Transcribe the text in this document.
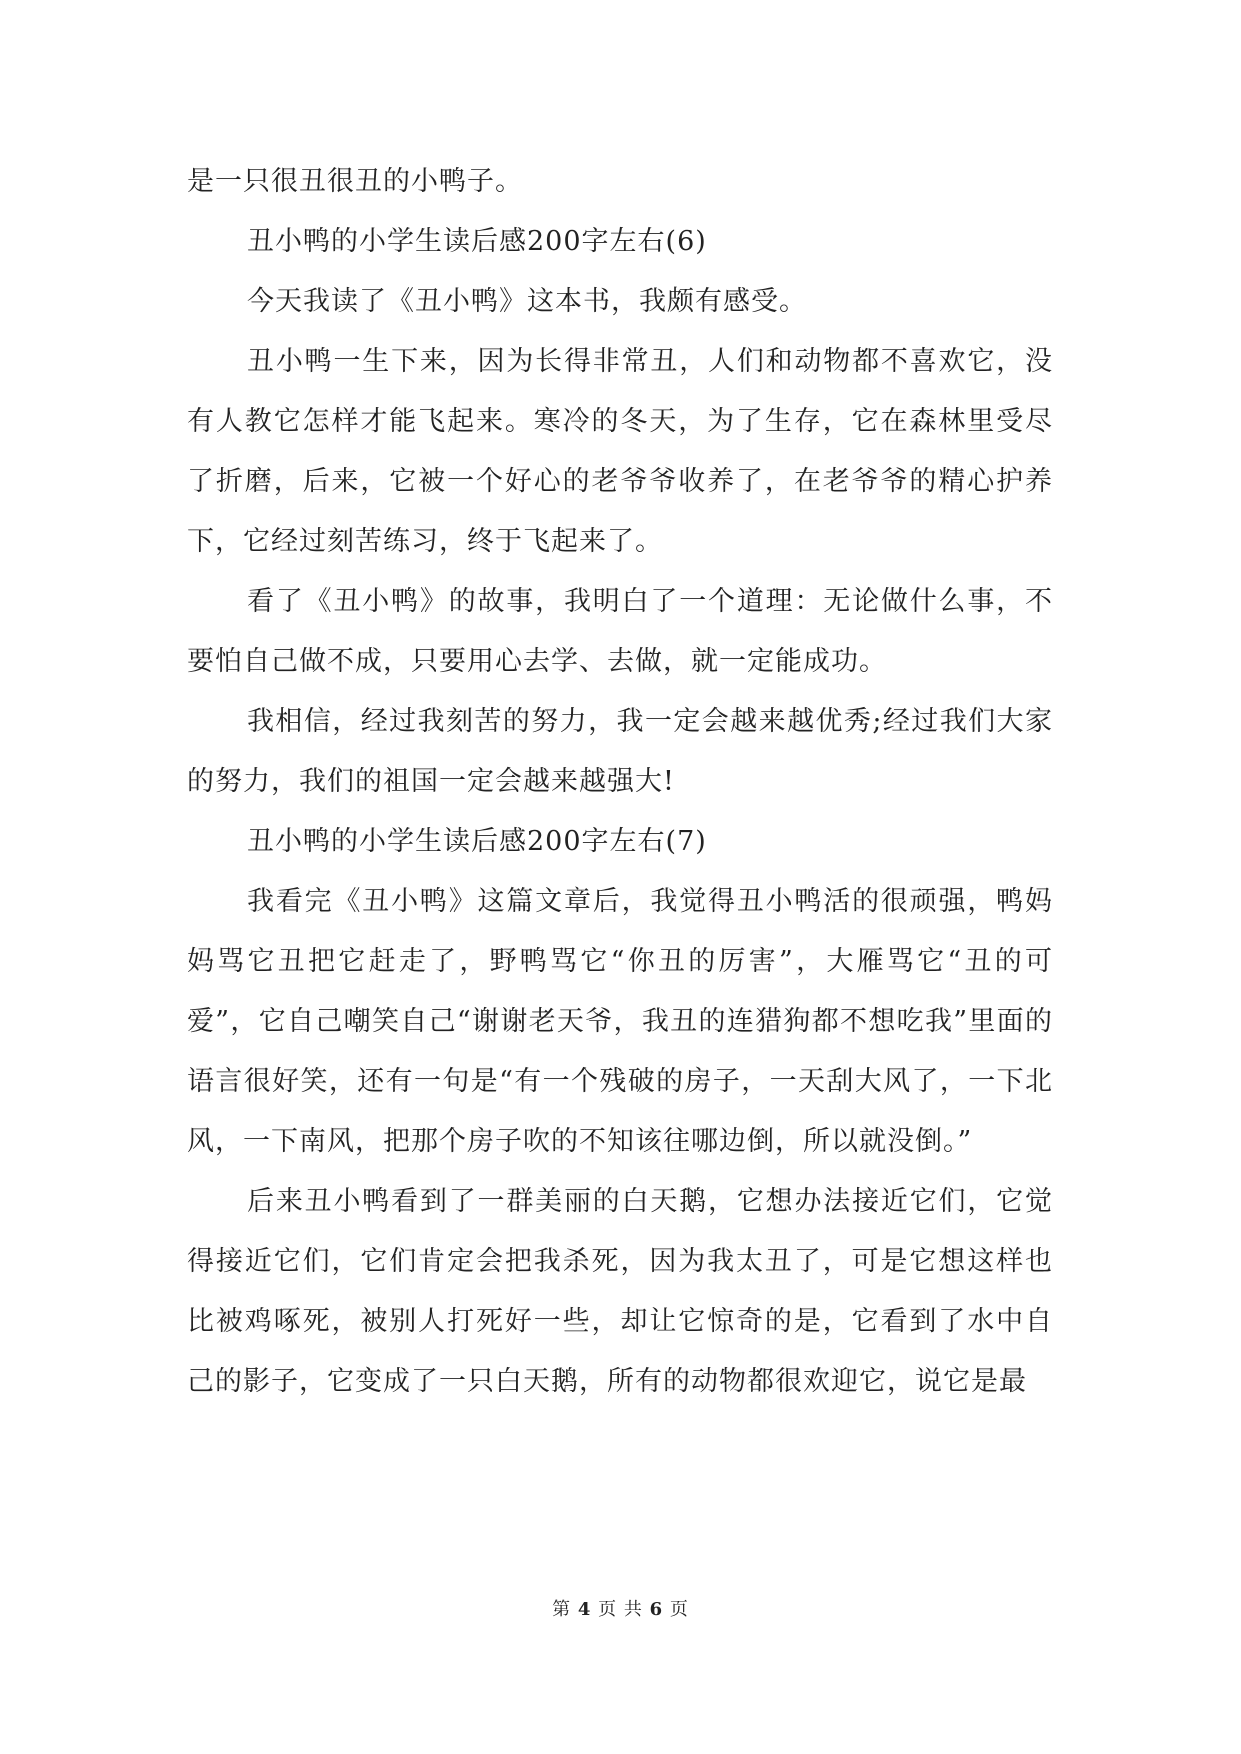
是一只很丑很丑的小鸭子。

丑小鸭的小学生读后感200字左右(6)

今天我读了《丑小鸭》这本书，我颇有感受。

丑小鸭一生下来，因为长得非常丑，人们和动物都不喜欢它，没有人教它怎样才能飞起来。寒冷的冬天，为了生存，它在森林里受尽了折磨，后来，它被一个好心的老爷爷收养了，在老爷爷的精心护养下，它经过刻苦练习，终于飞起来了。

看了《丑小鸭》的故事，我明白了一个道理：无论做什么事，不要怕自己做不成，只要用心去学、去做，就一定能成功。

我相信，经过我刻苦的努力，我一定会越来越优秀;经过我们大家的努力，我们的祖国一定会越来越强大!

丑小鸭的小学生读后感200字左右(7)

我看完《丑小鸭》这篇文章后，我觉得丑小鸭活的很顽强，鸭妈妈骂它丑把它赶走了，野鸭骂它“你丑的厉害”，大雁骂它“丑的可爱”，它自己嘲笑自己“谢谢老天爷，我丑的连猎狗都不想吃我”里面的语言很好笑，还有一句是“有一个残破的房子，一天刮大风了，一下北风，一下南风，把那个房子吹的不知该往哪边倒，所以就没倒。”

后来丑小鸭看到了一群美丽的白天鹅，它想办法接近它们，它觉得接近它们，它们肯定会把我杀死，因为我太丑了，可是它想这样也比被鸡啄死，被别人打死好一些，却让它惊奇的是，它看到了水中自己的影子，它变成了一只白天鹅，所有的动物都很欢迎它，说它是最

第 4 页 共 6 页
